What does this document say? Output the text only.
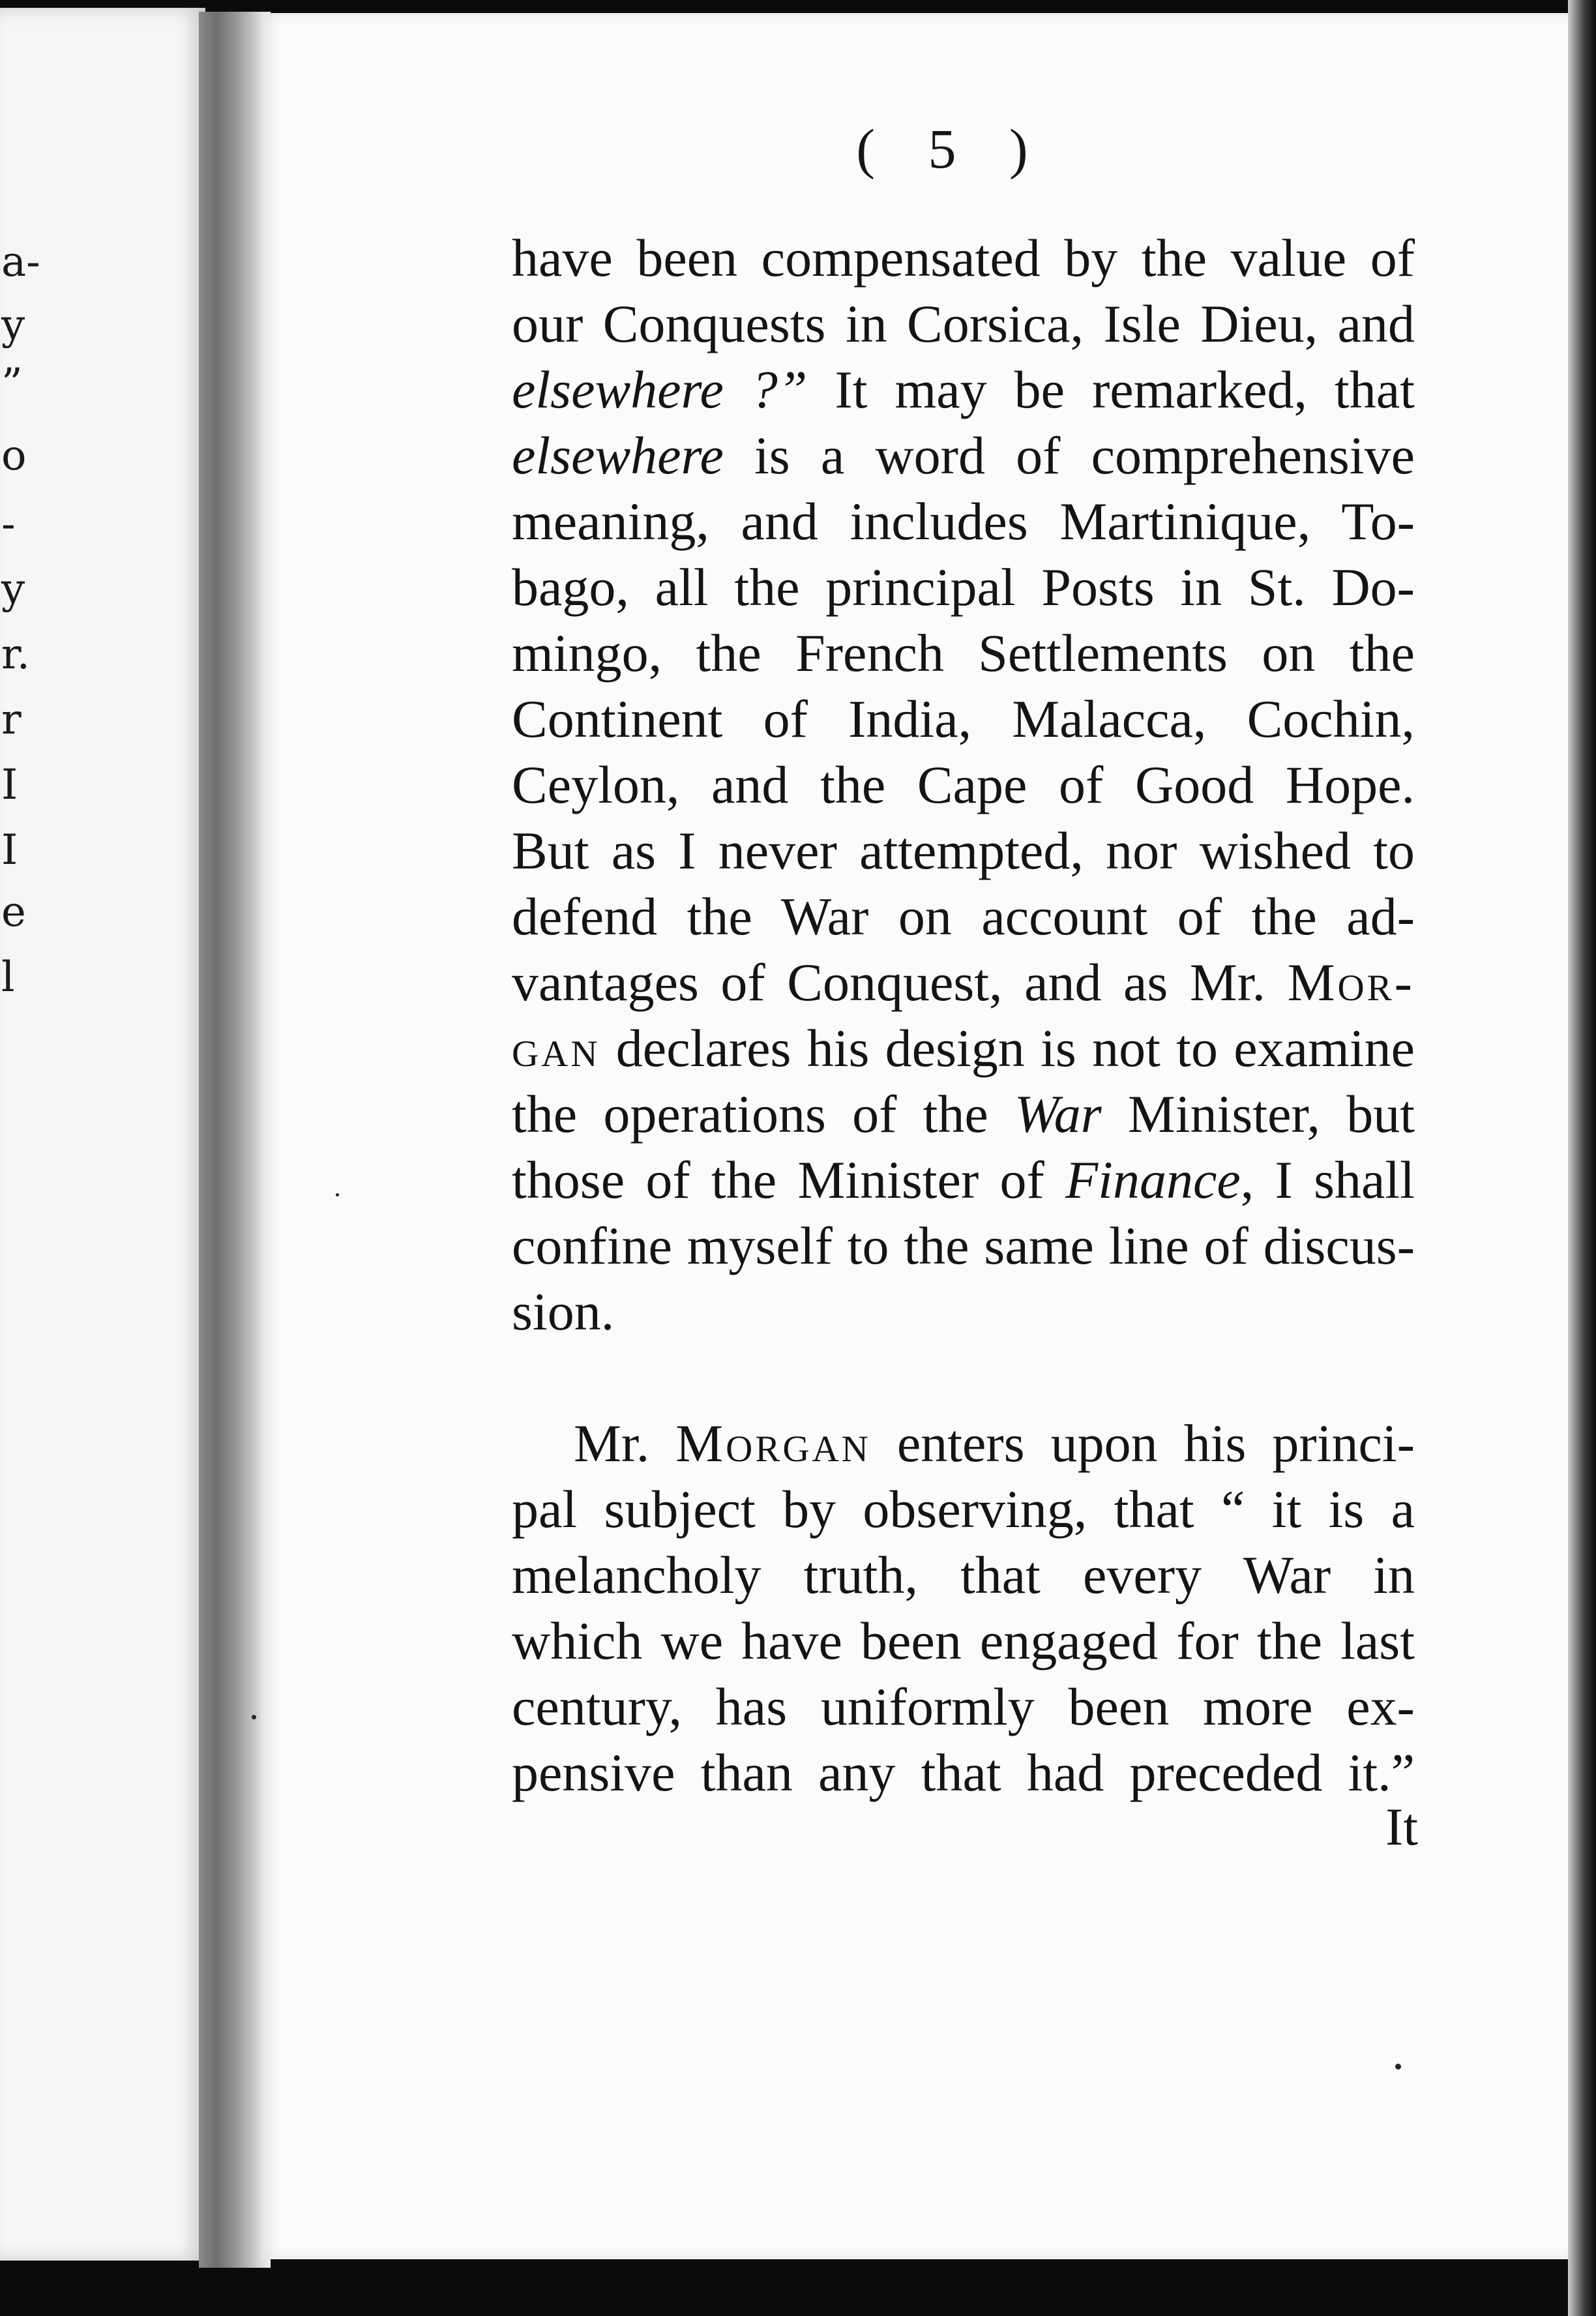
a-
y
”
o
-
y
r.
r
I
I
e
l
( 5 )
have been compensated by the value of
our Conquests in Corsica, Isle Dieu, and
elsewhere ?” It may be remarked, that
elsewhere is a word of comprehensive
meaning, and includes Martinique, To-
bago, all the principal Posts in St. Do-
mingo, the French Settlements on the
Continent of India, Malacca, Cochin,
Ceylon, and the Cape of Good Hope.
But as I never attempted, nor wished to
defend the War on account of the ad-
vantages of Conquest, and as Mr. Mor-
gan declares his design is not to examine
the operations of the War Minister, but
those of the Minister of Finance, I shall
confine myself to the same line of discus-
sion.
Mr. Morgan enters upon his princi-
pal subject by observing, that “ it is a
melancholy truth, that every War in
which we have been engaged for the last
century, has uniformly been more ex-
pensive than any that had preceded it.”
It
